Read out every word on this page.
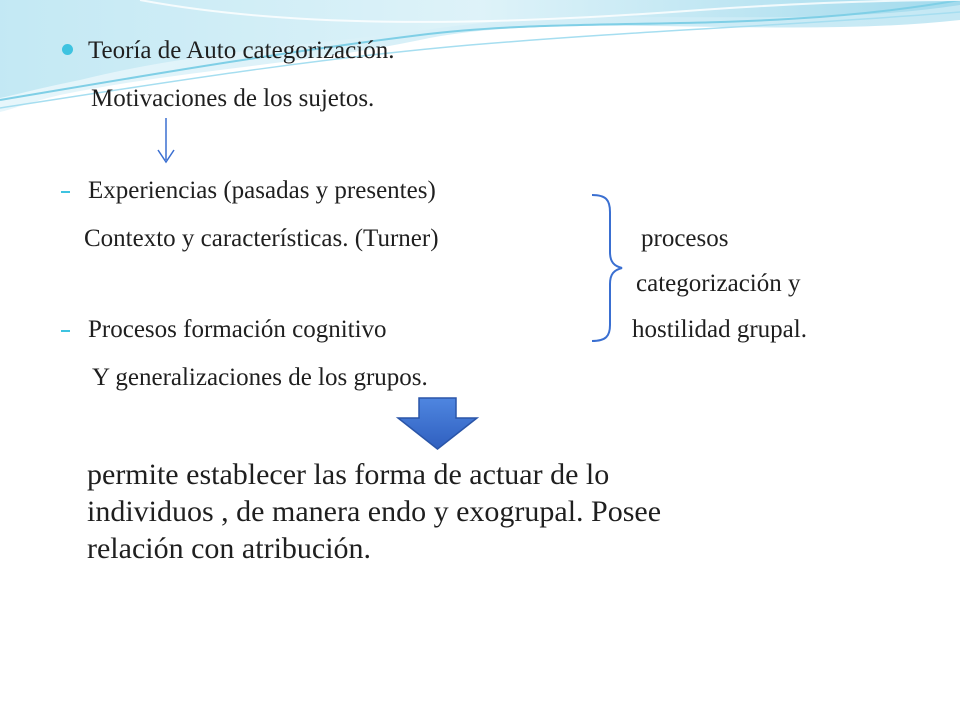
Teoría de Auto categorización.
Motivaciones de los sujetos.
Experiencias (pasadas y presentes)
Contexto y características. (Turner)
Procesos formación cognitivo
Y generalizaciones de los grupos.
procesos
categorización y
hostilidad grupal.
permite establecer las forma de actuar de lo
individuos , de manera endo y exogrupal. Posee
relación con atribución.
